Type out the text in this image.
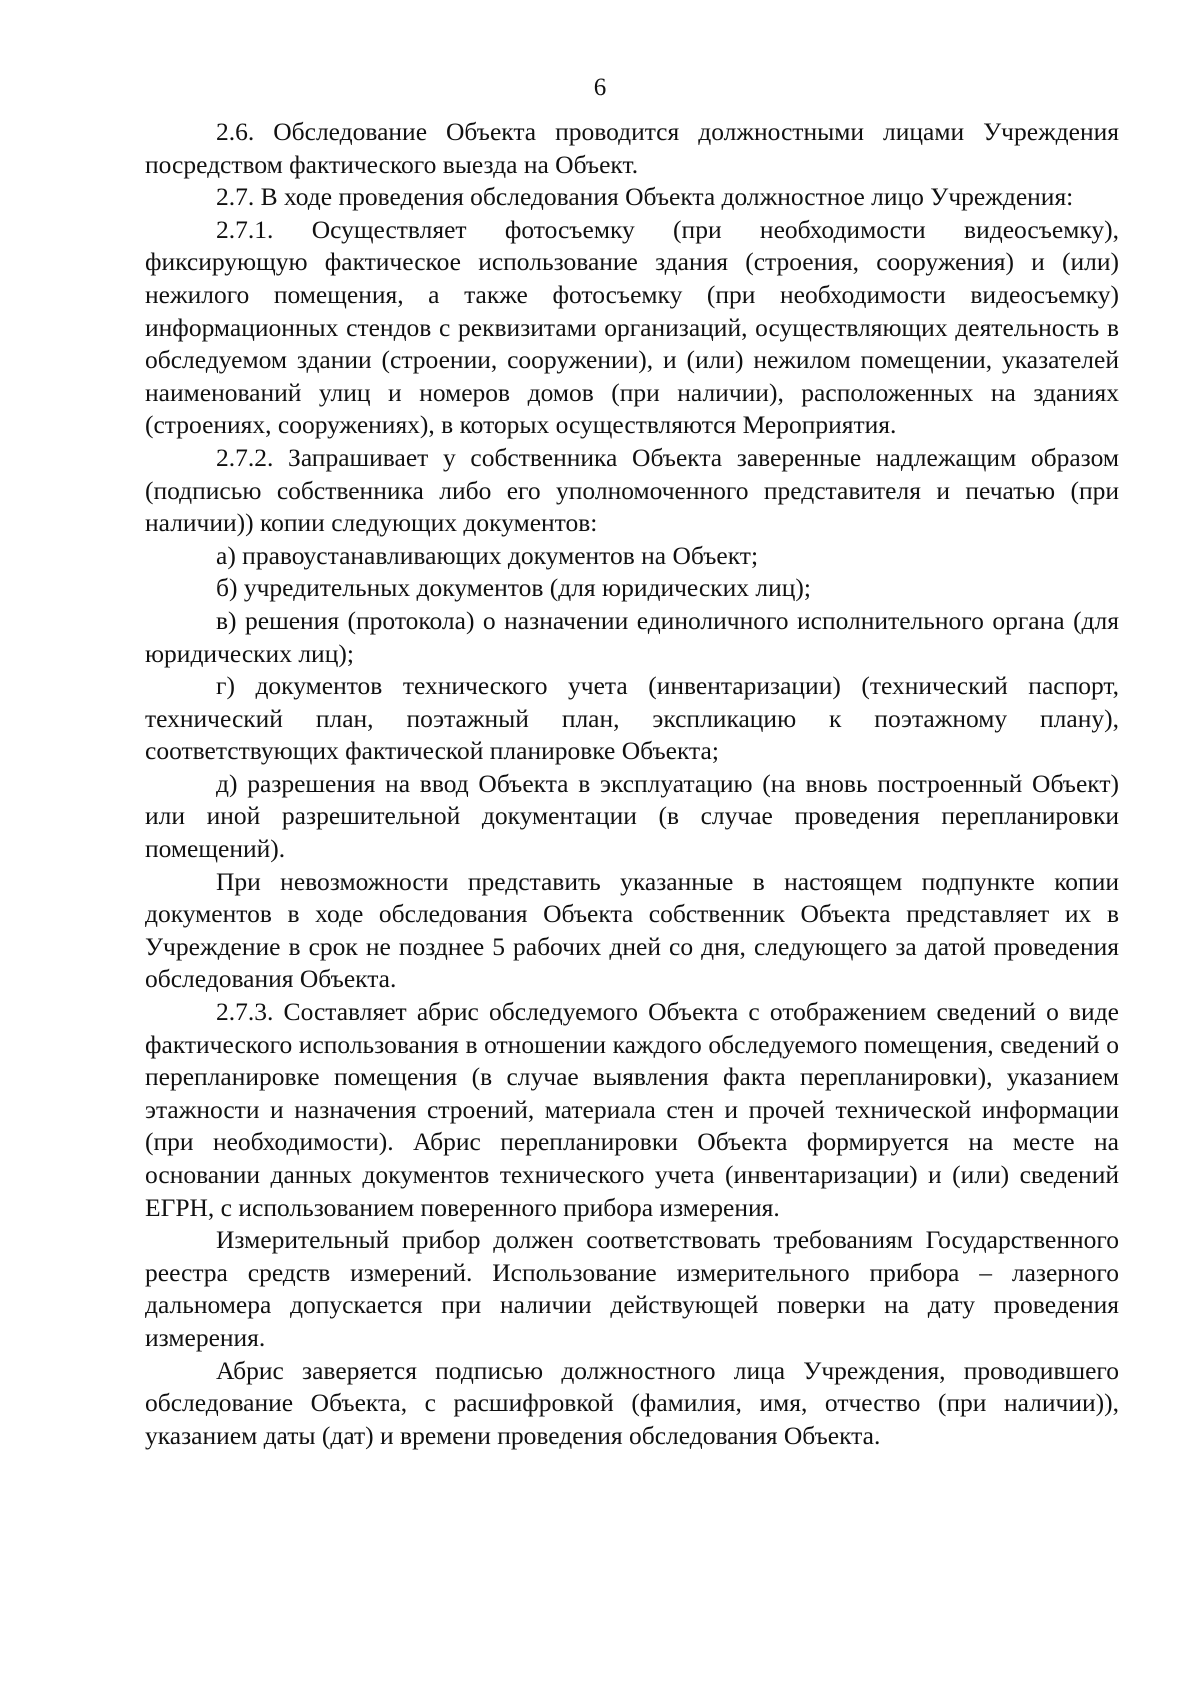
6

2.6. Обследование Объекта проводится должностными лицами Учреждения посредством фактического выезда на Объект.

2.7. В ходе проведения обследования Объекта должностное лицо Учреждения:

2.7.1. Осуществляет фотосъемку (при необходимости видеосъемку), фиксирующую фактическое использование здания (строения, сооружения) и (или) нежилого помещения, а также фотосъемку (при необходимости видеосъемку) информационных стендов с реквизитами организаций, осуществляющих деятельность в обследуемом здании (строении, сооружении), и (или) нежилом помещении, указателей наименований улиц и номеров домов (при наличии), расположенных на зданиях (строениях, сооружениях), в которых осуществляются Мероприятия.

2.7.2. Запрашивает у собственника Объекта заверенные надлежащим образом (подписью собственника либо его уполномоченного представителя и печатью (при наличии)) копии следующих документов:

а) правоустанавливающих документов на Объект;

б) учредительных документов (для юридических лиц);

в) решения (протокола) о назначении единоличного исполнительного органа (для юридических лиц);

г) документов технического учета (инвентаризации) (технический паспорт, технический план, поэтажный план, экспликацию к поэтажному плану), соответствующих фактической планировке Объекта;

д) разрешения на ввод Объекта в эксплуатацию (на вновь построенный Объект) или иной разрешительной документации (в случае проведения перепланировки помещений).

При невозможности представить указанные в настоящем подпункте копии документов в ходе обследования Объекта собственник Объекта представляет их в Учреждение в срок не позднее 5 рабочих дней со дня, следующего за датой проведения обследования Объекта.

2.7.3. Составляет абрис обследуемого Объекта с отображением сведений о виде фактического использования в отношении каждого обследуемого помещения, сведений о перепланировке помещения (в случае выявления факта перепланировки), указанием этажности и назначения строений, материала стен и прочей технической информации (при необходимости). Абрис перепланировки Объекта формируется на месте на основании данных документов технического учета (инвентаризации) и (или) сведений ЕГРН, с использованием поверенного прибора измерения.

Измерительный прибор должен соответствовать требованиям Государственного реестра средств измерений. Использование измерительного прибора – лазерного дальномера допускается при наличии действующей поверки на дату проведения измерения.

Абрис заверяется подписью должностного лица Учреждения, проводившего обследование Объекта, с расшифровкой (фамилия, имя, отчество (при наличии)), указанием даты (дат) и времени проведения обследования Объекта.
